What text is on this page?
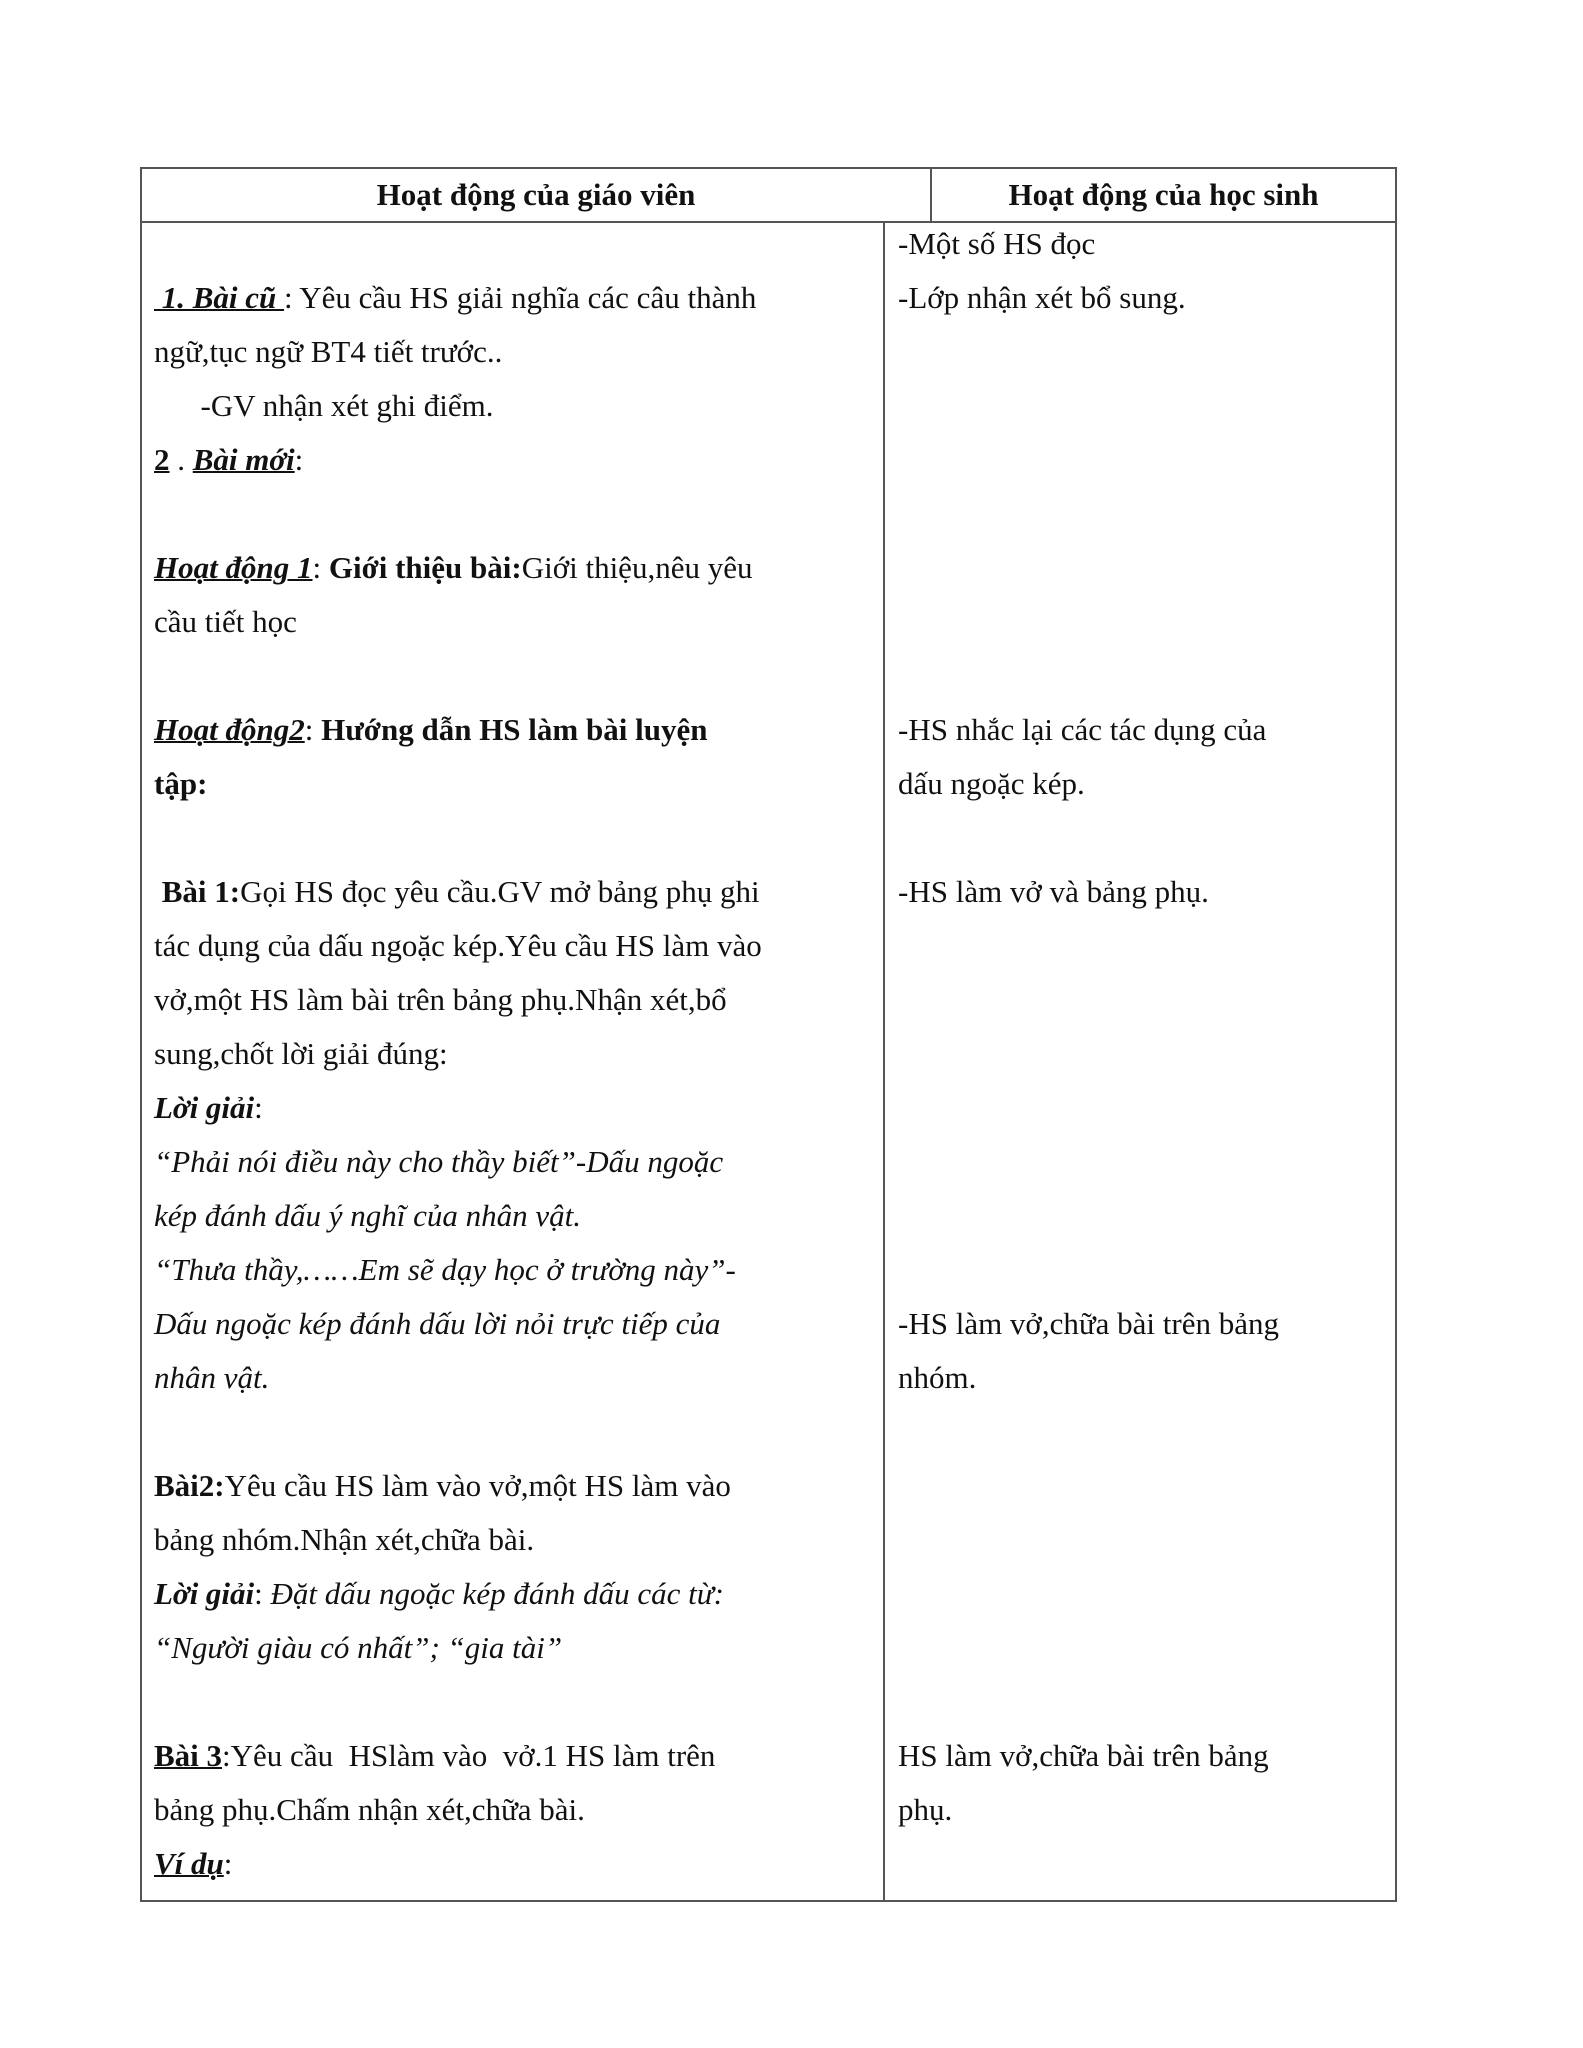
Hoạt động của giáo viên	Hoạt động của học sinh
1. Bài cũ : Yêu cầu HS giải nghĩa các câu thành
ngữ,tục ngữ BT4 tiết trước..
-GV nhận xét ghi điểm.
2 . Bài mới:
Hoạt động 1: Giới thiệu bài:Giới thiệu,nêu yêu
cầu tiết học
Hoạt động2: Hướng dẫn HS làm bài luyện
tập:
Bài 1:Gọi HS đọc yêu cầu.GV mở bảng phụ ghi
tác dụng của dấu ngoặc kép.Yêu cầu HS làm vào
vở,một HS làm bài trên bảng phụ.Nhận xét,bổ
sung,chốt lời giải đúng:
Lời giải:
“Phải nói điều này cho thầy biết”-Dấu ngoặc
kép đánh dấu ý nghĩ của nhân vật.
“Thưa thầy,……Em sẽ dạy học ở trường này”-
Dấu ngoặc kép đánh dấu lời nỏi trực tiếp của
nhân vật.
Bài2:Yêu cầu HS làm vào vở,một HS làm vào
bảng nhóm.Nhận xét,chữa bài.
Lời giải: Đặt dấu ngoặc kép đánh dấu các từ:
“Người giàu có nhất”; “gia tài”
Bài 3:Yêu cầu  HSlàm vào  vở.1 HS làm trên
bảng phụ.Chấm nhận xét,chữa bài.
Ví dụ:
-Một số HS đọc
-Lớp nhận xét bổ sung.
-HS nhắc lại các tác dụng của
dấu ngoặc kép.
-HS làm vở và bảng phụ.
-HS làm vở,chữa bài trên bảng
nhóm.
HS làm vở,chữa bài trên bảng
phụ.
